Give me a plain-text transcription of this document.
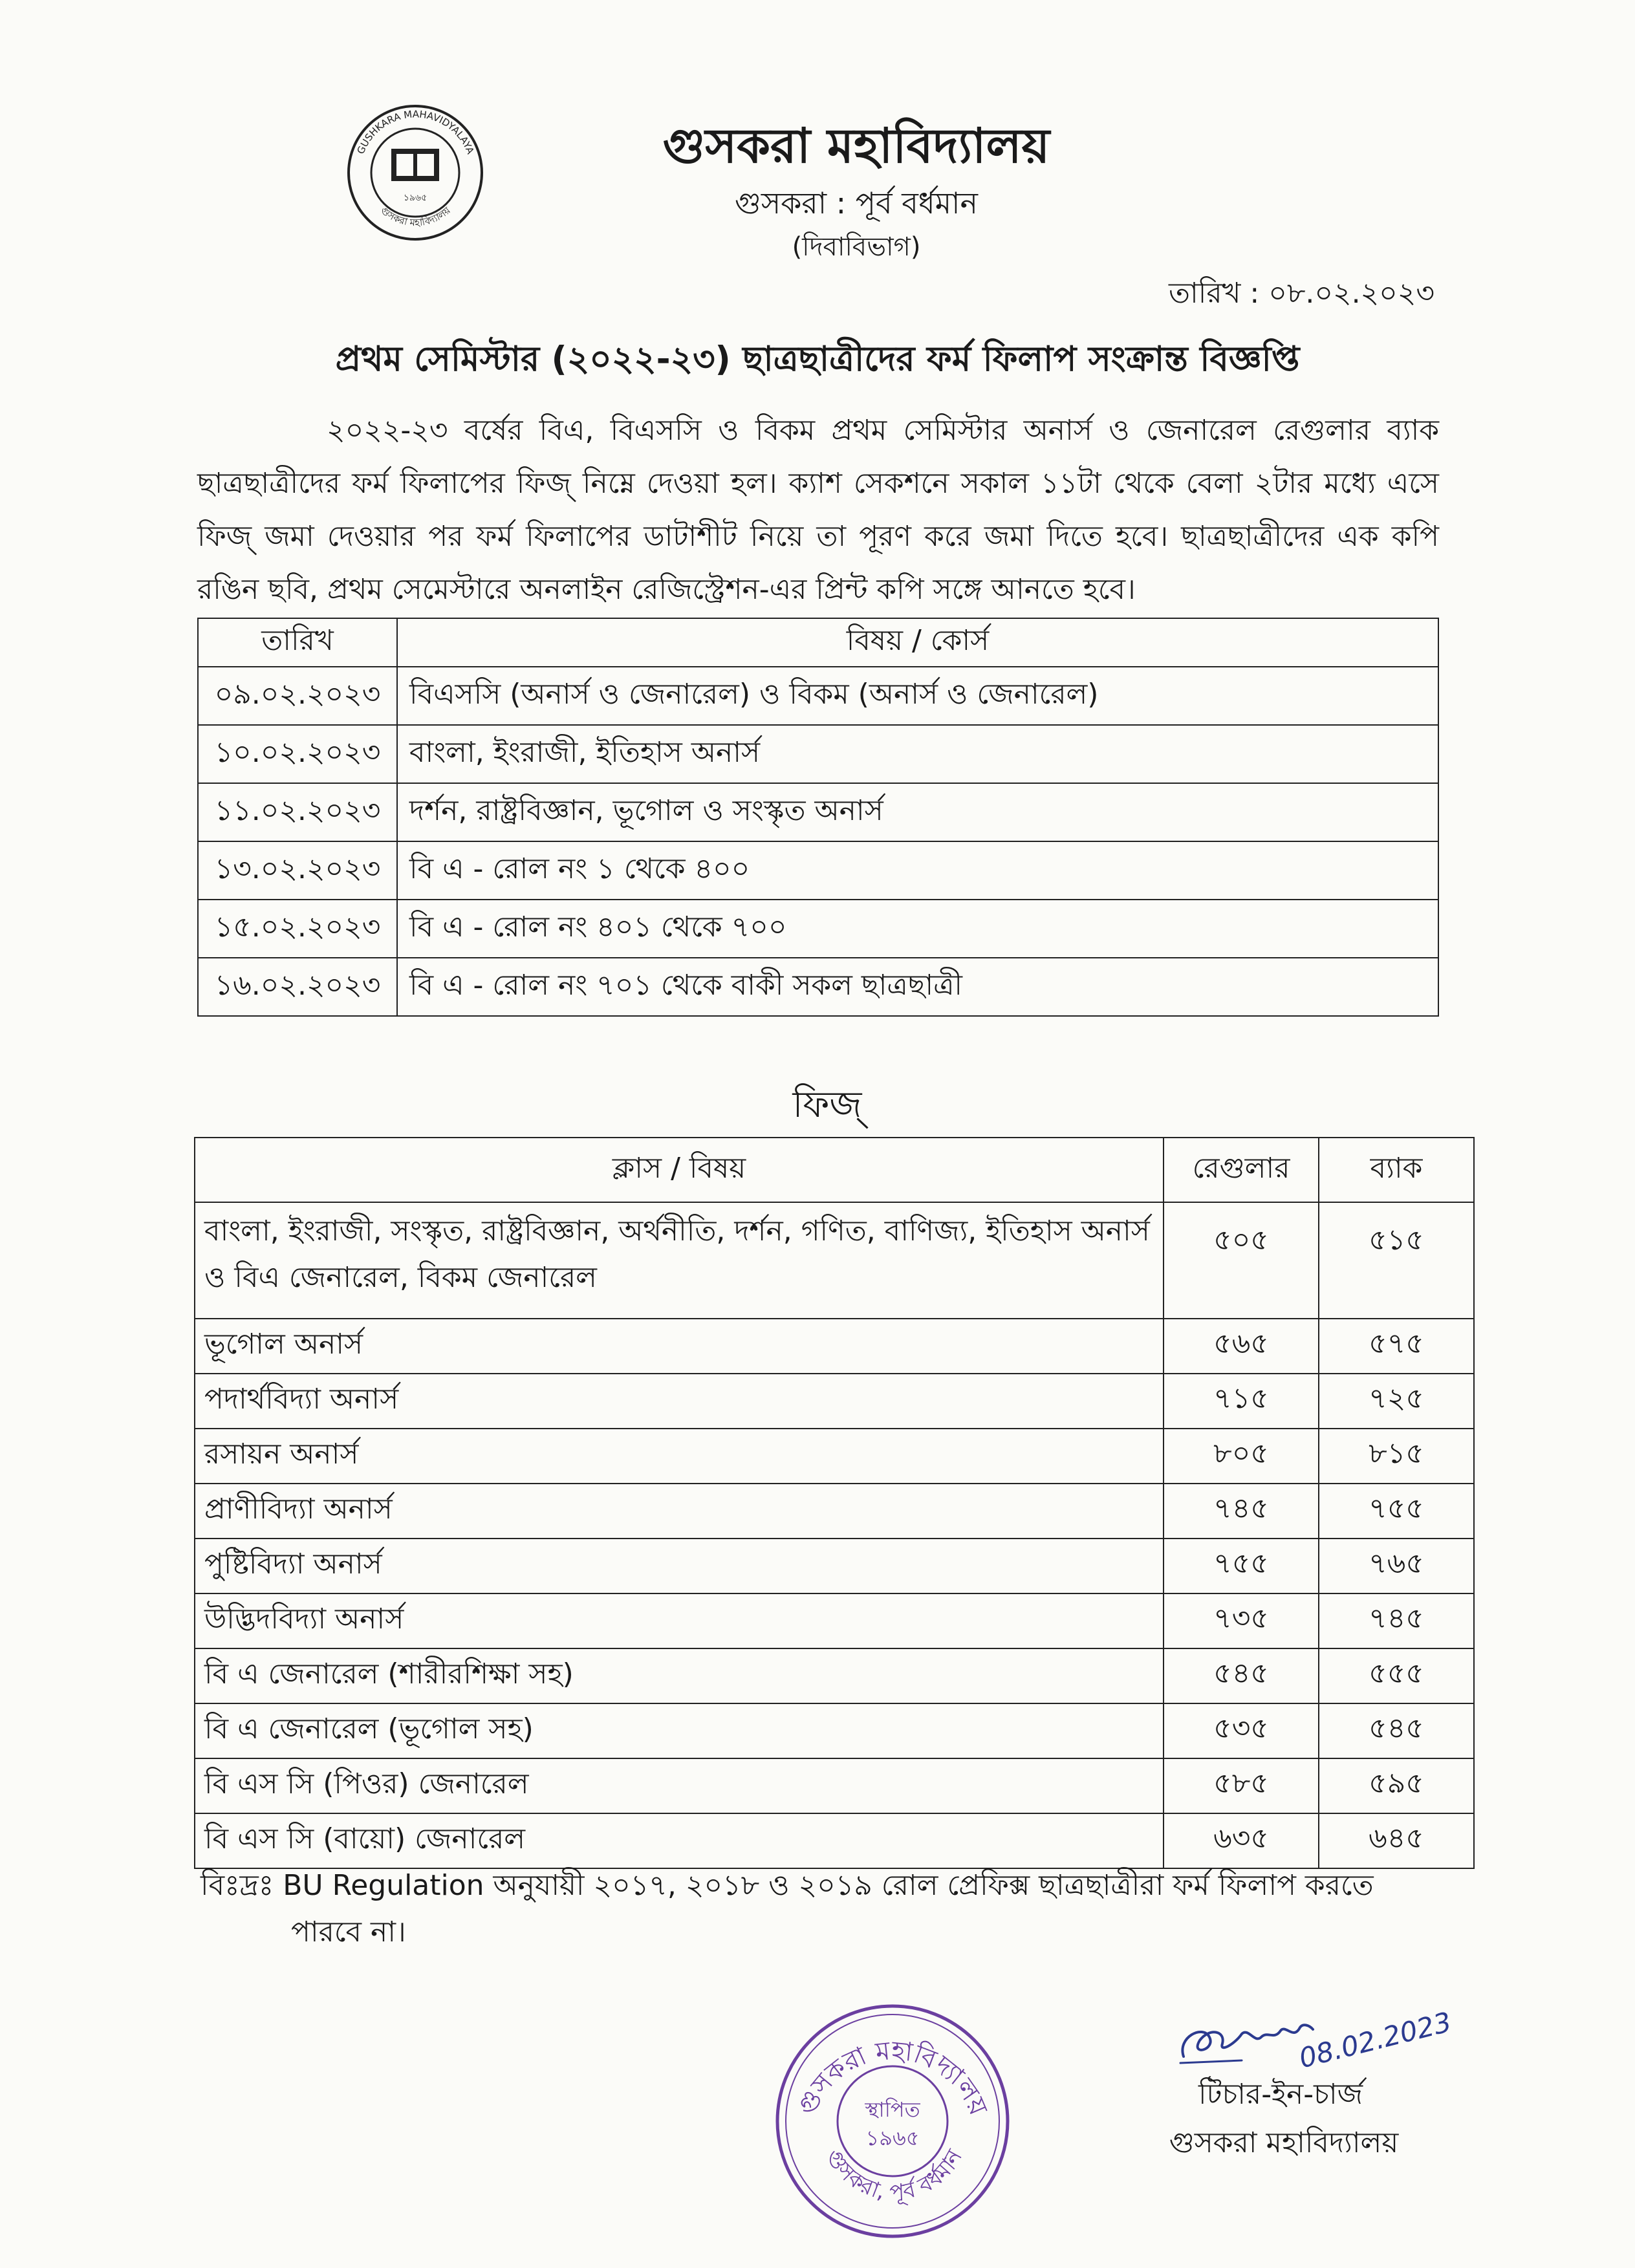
GUSHKARA MAHAVIDYALAYA
গুসকরা মহাবিদ্যালয়
১৯৬৫
গুসকরা মহাবিদ্যালয়
গুসকরা : পূর্ব বর্ধমান
(দিবাবিভাগ)
তারিখ : ০৮.০২.২০২৩
প্রথম সেমিস্টার (২০২২-২৩) ছাত্রছাত্রীদের ফর্ম ফিলাপ সংক্রান্ত বিজ্ঞপ্তি
২০২২-২৩ বর্ষের বিএ, বিএসসি ও বিকম প্রথম সেমিস্টার অনার্স ও জেনারেল রেগুলার ব্যাক ছাত্রছাত্রীদের ফর্ম ফিলাপের ফিজ্ নিম্নে দেওয়া হল। ক্যাশ সেকশনে সকাল ১১টা থেকে বেলা ২টার মধ্যে এসে ফিজ্ জমা দেওয়ার পর ফর্ম ফিলাপের ডাটাশীট নিয়ে তা পূরণ করে জমা দিতে হবে। ছাত্রছাত্রীদের এক কপি রঙিন ছবি, প্রথম সেমেস্টারে অনলাইন রেজিস্ট্রেশন-এর প্রিন্ট কপি সঙ্গে আনতে হবে।
তারিখ	বিষয় / কোর্স
০৯.০২.২০২৩	বিএসসি (অনার্স ও জেনারেল) ও বিকম (অনার্স ও জেনারেল)
১০.০২.২০২৩	বাংলা, ইংরাজী, ইতিহাস অনার্স
১১.০২.২০২৩	দর্শন, রাষ্ট্রবিজ্ঞান, ভূগোল ও সংস্কৃত অনার্স
১৩.০২.২০২৩	বি এ - রোল নং ১ থেকে ৪০০
১৫.০২.২০২৩	বি এ - রোল নং ৪০১ থেকে ৭০০
১৬.০২.২০২৩	বি এ - রোল নং ৭০১ থেকে বাকী সকল ছাত্রছাত্রী
ফিজ্
ক্লাস / বিষয়	রেগুলার	ব্যাক
বাংলা, ইংরাজী, সংস্কৃত, রাষ্ট্রবিজ্ঞান, অর্থনীতি, দর্শন, গণিত, বাণিজ্য, ইতিহাস অনার্স ও বিএ জেনারেল, বিকম জেনারেল	৫০৫	৫১৫
ভূগোল অনার্স	৫৬৫	৫৭৫
পদার্থবিদ্যা অনার্স	৭১৫	৭২৫
রসায়ন অনার্স	৮০৫	৮১৫
প্রাণীবিদ্যা অনার্স	৭৪৫	৭৫৫
পুষ্টিবিদ্যা অনার্স	৭৫৫	৭৬৫
উদ্ভিদবিদ্যা অনার্স	৭৩৫	৭৪৫
বি এ জেনারেল (শারীরশিক্ষা সহ)	৫৪৫	৫৫৫
বি এ জেনারেল (ভূগোল সহ)	৫৩৫	৫৪৫
বি এস সি (পিওর) জেনারেল	৫৮৫	৫৯৫
বি এস সি (বায়ো) জেনারেল	৬৩৫	৬৪৫
বিঃদ্রঃ BU Regulation অনুযায়ী ২০১৭, ২০১৮ ও ২০১৯ রোল প্রেফিক্স ছাত্রছাত্রীরা ফর্ম ফিলাপ করতে
পারবে না।
গুসকরা মহাবিদ্যালয়
গুসকরা, পূর্ব বর্ধমান
স্থাপিত
১৯৬৫
08.02.2023
টিচার-ইন-চার্জ
গুসকরা মহাবিদ্যালয়
